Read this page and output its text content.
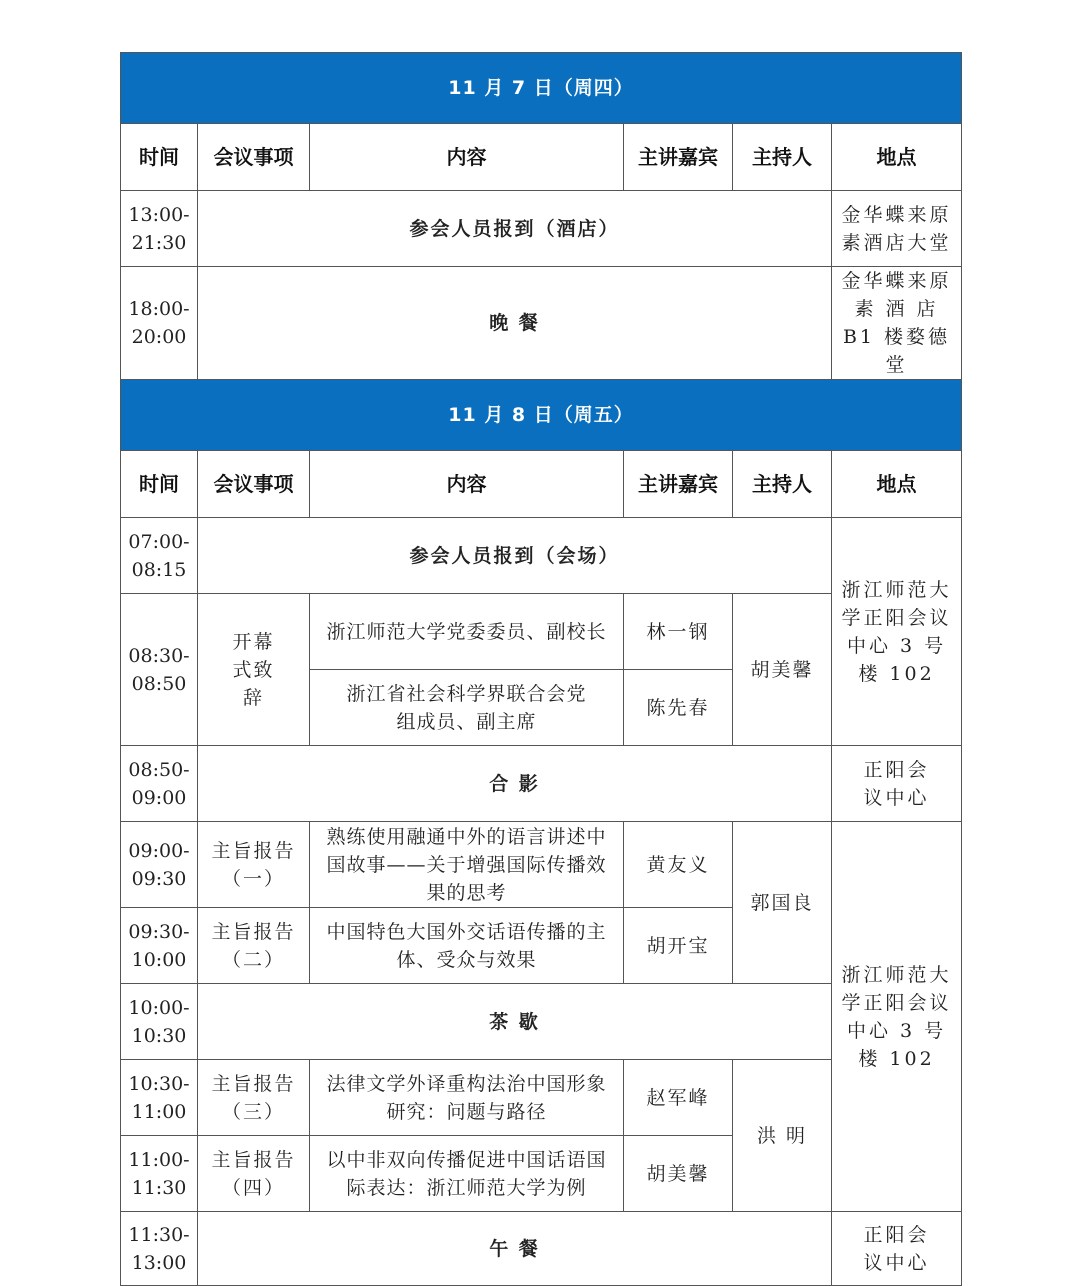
11 月 7 日（周四）					
时间	会议事项	内容	主讲嘉宾	主持人	地点

13:00-
21:30	参会人员报到（酒店）				金华蝶来原素酒店大堂

18:00-
20:00	晚 餐				金华蝶来原素 酒 店 B1 楼婺德堂
11 月 8 日（周五）					
时间	会议事项	内容	主讲嘉宾	主持人	地点

07:00-
08:15	参会人员报到（会场）				浙江师范大学正阳会议中心 3 号楼 102

08:30-
08:50	开幕式致辞	浙江师范大学党委委员、副校长	林一钢	胡美馨	
		浙江省社会科学界联合会党组成员、副主席	陈先春		

08:50-
09:00	合 影				正阳会议中心

09:00-
09:30	主旨报告（一）	熟练使用融通中外的语言讲述中国故事——关于增强国际传播效果的思考	黄友义	郭国良	浙江师范大学正阳会议中心 3 号楼 102

09:30-
10:00	主旨报告（二）	中国特色大国外交话语传播的主体、受众与效果	胡开宝		

10:00-
10:30	茶 歇				

10:30-
11:00	主旨报告（三）	法律文学外译重构法治中国形象研究：问题与路径	赵军峰	洪 明	

11:00-
11:30	主旨报告（四）	以中非双向传播促进中国话语国际表达：浙江师范大学为例	胡美馨		

11:30-
13:00	午 餐				正阳会议中心
